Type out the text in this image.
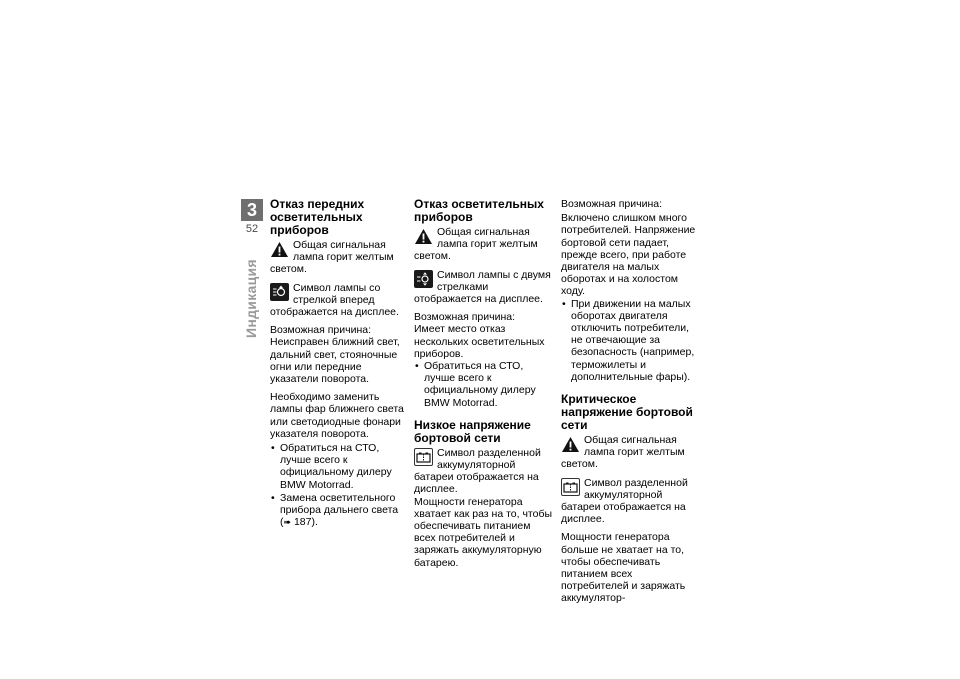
3
52
Индикация
Отказ передних осветительных приборов
Общая сигнальная лампа горит желтым светом.
Символ лампы со стрелкой вперед отображается на дисплее.
Возможная причина:

Неисправен ближний свет, дальний свет, стояночные огни или передние указатели поворота.

Необходимо заменить лампы фар ближнего света или светодиодные фонари указателя поворота.
• Обратиться на СТО, лучше всего к официальному дилеру BMW Motorrad.
• Замена осветительного прибора дальнего света (➠ 187).
Отказ осветительных приборов
Общая сигнальная лампа горит желтым светом.
Символ лампы с двумя стрелками отображается на дисплее.
Возможная причина:
Имеет место отказ нескольких осветительных приборов.
• Обратиться на СТО, лучше всего к официальному дилеру BMW Motorrad.
Низкое напряжение бортовой сети
Символ разделенной аккумуляторной батареи отображается на дисплее.

Мощности генератора хватает как раз на то, чтобы обеспечивать питанием всех потребителей и заряжать аккумуляторную батарею.

Возможная причина:
Включено слишком много потребителей. Напряжение бортовой сети падает, прежде всего, при работе двигателя на малых оборотах и на холостом ходу.
• При движении на малых оборотах двигателя отключить потребители, не отвечающие за безопасность (например, терможилеты и дополнительные фары).
Критическое напряжение бортовой сети
Общая сигнальная лампа горит желтым светом.
Символ разделенной аккумуляторной батареи отображается на дисплее.

Мощности генератора больше не хватает на то, чтобы обеспечивать питанием всех потребителей и заряжать аккумулятор-
